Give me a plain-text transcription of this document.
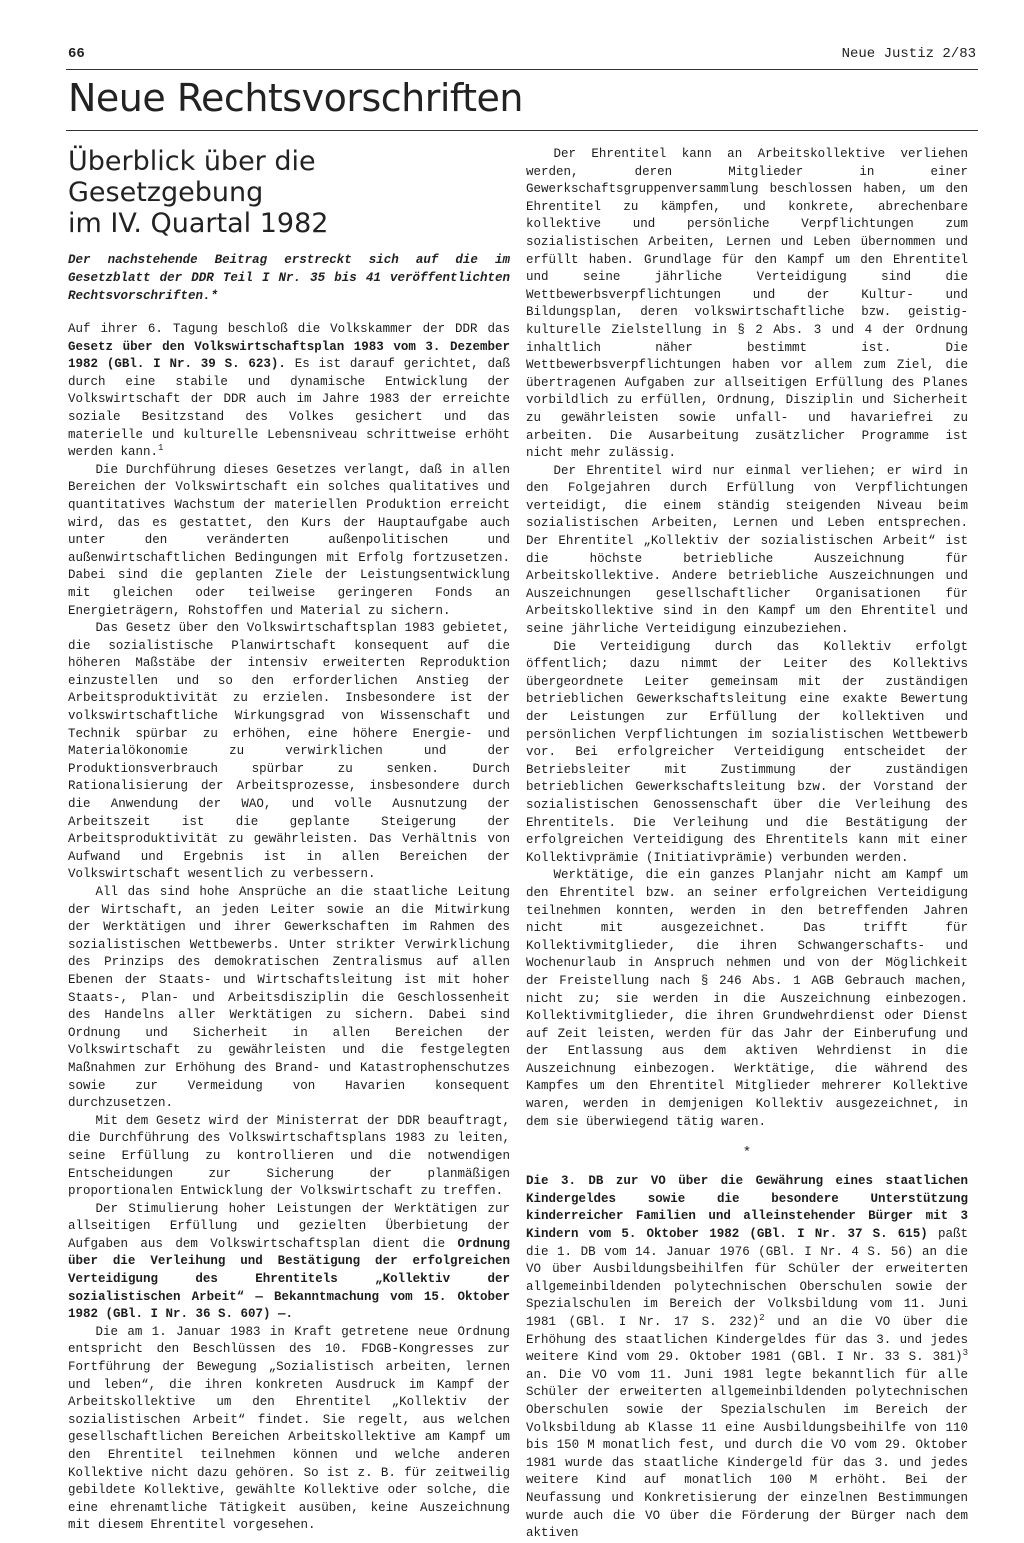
66	Neue Justiz 2/83
Neue Rechtsvorschriften
Überblick über die Gesetzgebung
im IV. Quartal 1982

Der nachstehende Beitrag erstreckt sich auf die im Gesetzblatt der DDR Teil I Nr. 35 bis 41 veröffentlichten Rechtsvorschriften.*

Auf ihrer 6. Tagung beschloß die Volkskammer der DDR das Gesetz über den Volkswirtschaftsplan 1983 vom 3. Dezember 1982 (GBl. I Nr. 39 S. 623). Es ist darauf gerichtet, daß durch eine stabile und dynamische Entwicklung der Volkswirtschaft der DDR auch im Jahre 1983 der erreichte soziale Besitzstand des Volkes gesichert und das materielle und kulturelle Lebensniveau schrittweise erhöht werden kann.$^1$

Die Durchführung dieses Gesetzes verlangt, daß in allen Bereichen der Volkswirtschaft ein solches qualitatives und quantitatives Wachstum der materiellen Produktion erreicht wird, das es gestattet, den Kurs der Hauptaufgabe auch unter den veränderten außenpolitischen und außenwirtschaftlichen Bedingungen mit Erfolg fortzusetzen. Dabei sind die geplanten Ziele der Leistungsentwicklung mit gleichen oder teilweise geringeren Fonds an Energieträgern, Rohstoffen und Material zu sichern.

Das Gesetz über den Volkswirtschaftsplan 1983 gebietet, die sozialistische Planwirtschaft konsequent auf die höheren Maßstäbe der intensiv erweiterten Reproduktion einzustellen und so den erforderlichen Anstieg der Arbeitsproduktivität zu erzielen. Insbesondere ist der volkswirtschaftliche Wirkungsgrad von Wissenschaft und Technik spürbar zu erhöhen, eine höhere Energie- und Materialökonomie zu verwirklichen und der Produktionsverbrauch spürbar zu senken. Durch Rationalisierung der Arbeitsprozesse, insbesondere durch die Anwendung der WAO, und volle Ausnutzung der Arbeitszeit ist die geplante Steigerung der Arbeitsproduktivität zu gewährleisten. Das Verhältnis von Aufwand und Ergebnis ist in allen Bereichen der Volkswirtschaft wesentlich zu verbessern.

All das sind hohe Ansprüche an die staatliche Leitung der Wirtschaft, an jeden Leiter sowie an die Mitwirkung der Werktätigen und ihrer Gewerkschaften im Rahmen des sozialistischen Wettbewerbs. Unter strikter Verwirklichung des Prinzips des demokratischen Zentralismus auf allen Ebenen der Staats- und Wirtschaftsleitung ist mit hoher Staats-, Plan- und Arbeitsdisziplin die Geschlossenheit des Handelns aller Werktätigen zu sichern. Dabei sind Ordnung und Sicherheit in allen Bereichen der Volkswirtschaft zu gewährleisten und die festgelegten Maßnahmen zur Erhöhung des Brand- und Katastrophenschutzes sowie zur Vermeidung von Havarien konsequent durchzusetzen.

Mit dem Gesetz wird der Ministerrat der DDR beauftragt, die Durchführung des Volkswirtschaftsplans 1983 zu leiten, seine Erfüllung zu kontrollieren und die notwendigen Entscheidungen zur Sicherung der planmäßigen proportionalen Entwicklung der Volkswirtschaft zu treffen.

Der Stimulierung hoher Leistungen der Werktätigen zur allseitigen Erfüllung und gezielten Überbietung der Aufgaben aus dem Volkswirtschaftsplan dient die Ordnung über die Verleihung und Bestätigung der erfolgreichen Verteidigung des Ehrentitels „Kollektiv der sozialistischen Arbeit“ — Bekanntmachung vom 15. Oktober 1982 (GBl. I Nr. 36 S. 607) —.

Die am 1. Januar 1983 in Kraft getretene neue Ordnung entspricht den Beschlüssen des 10. FDGB-Kongresses zur Fortführung der Bewegung „Sozialistisch arbeiten, lernen und leben“, die ihren konkreten Ausdruck im Kampf der Arbeitskollektive um den Ehrentitel „Kollektiv der sozialistischen Arbeit“ findet. Sie regelt, aus welchen gesellschaftlichen Bereichen Arbeitskollektive am Kampf um den Ehrentitel teilnehmen können und welche anderen Kollektive nicht dazu gehören. So ist z. B. für zeitweilig gebildete Kollektive, gewählte Kollektive oder solche, die eine ehrenamtliche Tätigkeit ausüben, keine Auszeichnung mit diesem Ehrentitel vorgesehen.

Der Ehrentitel kann an Arbeitskollektive verliehen werden, deren Mitglieder in einer Gewerkschaftsgruppenversammlung beschlossen haben, um den Ehrentitel zu kämpfen, und konkrete, abrechenbare kollektive und persönliche Verpflichtungen zum sozialistischen Arbeiten, Lernen und Leben übernommen und erfüllt haben. Grundlage für den Kampf um den Ehrentitel und seine jährliche Verteidigung sind die Wettbewerbsverpflichtungen und der Kultur- und Bildungsplan, deren volkswirtschaftliche bzw. geistig-kulturelle Zielstellung in § 2 Abs. 3 und 4 der Ordnung inhaltlich näher bestimmt ist. Die Wettbewerbsverpflichtungen haben vor allem zum Ziel, die übertragenen Aufgaben zur allseitigen Erfüllung des Planes vorbildlich zu erfüllen, Ordnung, Disziplin und Sicherheit zu gewährleisten sowie unfall- und havariefrei zu arbeiten. Die Ausarbeitung zusätzlicher Programme ist nicht mehr zulässig.

Der Ehrentitel wird nur einmal verliehen; er wird in den Folgejahren durch Erfüllung von Verpflichtungen verteidigt, die einem ständig steigenden Niveau beim sozialistischen Arbeiten, Lernen und Leben entsprechen. Der Ehrentitel „Kollektiv der sozialistischen Arbeit“ ist die höchste betriebliche Auszeichnung für Arbeitskollektive. Andere betriebliche Auszeichnungen und Auszeichnungen gesellschaftlicher Organisationen für Arbeitskollektive sind in den Kampf um den Ehrentitel und seine jährliche Verteidigung einzubeziehen.

Die Verteidigung durch das Kollektiv erfolgt öffentlich; dazu nimmt der Leiter des Kollektivs übergeordnete Leiter gemeinsam mit der zuständigen betrieblichen Gewerkschaftsleitung eine exakte Bewertung der Leistungen zur Erfüllung der kollektiven und persönlichen Verpflichtungen im sozialistischen Wettbewerb vor. Bei erfolgreicher Verteidigung entscheidet der Betriebsleiter mit Zustimmung der zuständigen betrieblichen Gewerkschaftsleitung bzw. der Vorstand der sozialistischen Genossenschaft über die Verleihung des Ehrentitels. Die Verleihung und die Bestätigung der erfolgreichen Verteidigung des Ehrentitels kann mit einer Kollektivprämie (Initiativprämie) verbunden werden.

Werktätige, die ein ganzes Planjahr nicht am Kampf um den Ehrentitel bzw. an seiner erfolgreichen Verteidigung teilnehmen konnten, werden in den betreffenden Jahren nicht mit ausgezeichnet. Das trifft für Kollektivmitglieder, die ihren Schwangerschafts- und Wochenurlaub in Anspruch nehmen und von der Möglichkeit der Freistellung nach § 246 Abs. 1 AGB Gebrauch machen, nicht zu; sie werden in die Auszeichnung einbezogen. Kollektivmitglieder, die ihren Grundwehrdienst oder Dienst auf Zeit leisten, werden für das Jahr der Einberufung und der Entlassung aus dem aktiven Wehrdienst in die Auszeichnung einbezogen. Werktätige, die während des Kampfes um den Ehrentitel Mitglieder mehrerer Kollektive waren, werden in demjenigen Kollektiv ausgezeichnet, in dem sie überwiegend tätig waren.

*

Die 3. DB zur VO über die Gewährung eines staatlichen Kindergeldes sowie die besondere Unterstützung kinderreicher Familien und alleinstehender Bürger mit 3 Kindern vom 5. Oktober 1982 (GBl. I Nr. 37 S. 615) paßt die 1. DB vom 14. Januar 1976 (GBl. I Nr. 4 S. 56) an die VO über Ausbildungsbeihilfen für Schüler der erweiterten allgemeinbildenden polytechnischen Oberschulen sowie der Spezialschulen im Bereich der Volksbildung vom 11. Juni 1981 (GBl. I Nr. 17 S. 232)$^2$ und an die VO über die Erhöhung des staatlichen Kindergeldes für das 3. und jedes weitere Kind vom 29. Oktober 1981 (GBl. I Nr. 33 S. 381)$^3$ an. Die VO vom 11. Juni 1981 legte bekanntlich für alle Schüler der erweiterten allgemeinbildenden polytechnischen Oberschulen sowie der Spezialschulen im Bereich der Volksbildung ab Klasse 11 eine Ausbildungsbeihilfe von 110 bis 150 M monatlich fest, und durch die VO vom 29. Oktober 1981 wurde das staatliche Kindergeld für das 3. und jedes weitere Kind auf monatlich 100 M erhöht. Bei der Neufassung und Konkretisierung der einzelnen Bestimmungen wurde auch die VO über die Förderung der Bürger nach dem aktiven
